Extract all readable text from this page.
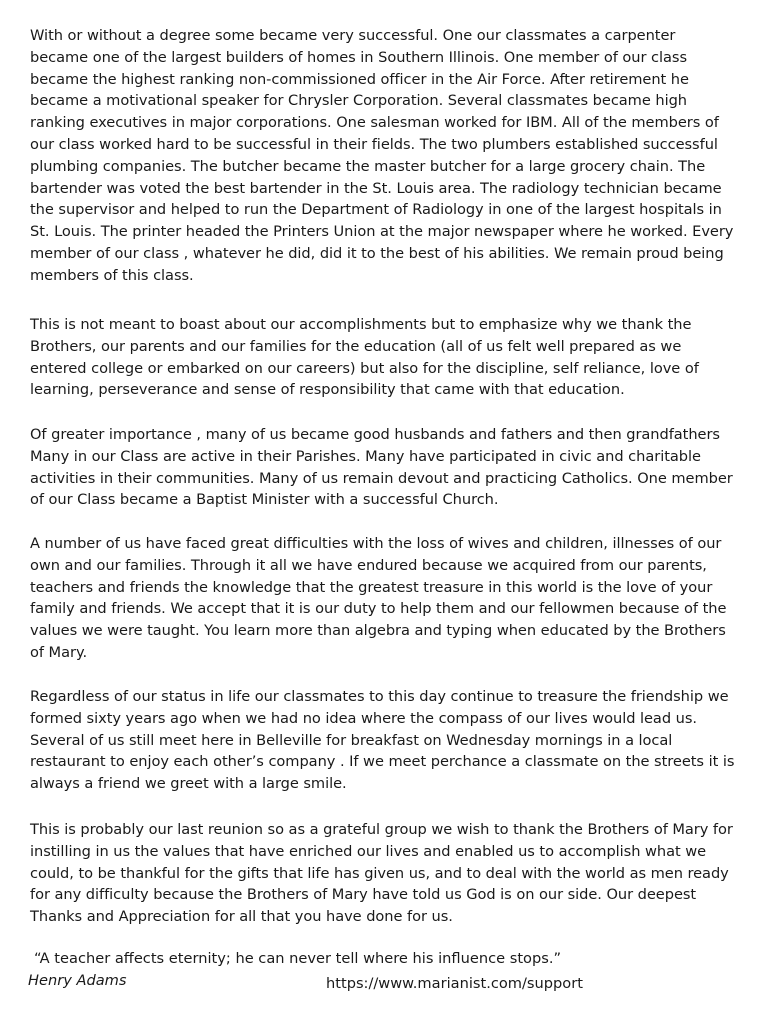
With or without a degree some became very successful. One our classmates a carpenter became one of the largest builders of homes in Southern Illinois. One member of our class became the highest ranking non-commissioned officer in the Air Force. After retirement he became a motivational speaker for Chrysler Corporation. Several classmates became high ranking executives in major corporations. One salesman worked for IBM. All of the members of our class worked hard to be successful in their fields. The two plumbers established successful plumbing companies. The butcher became the master butcher for a large grocery chain. The bartender was voted the best bartender in the St. Louis area. The radiology technician became the supervisor and helped to run the Department of Radiology in one of the largest hospitals in St. Louis. The printer headed the Printers Union at the major newspaper where he worked. Every member of our class , whatever he did, did it to the best of his abilities. We remain proud being members of this class.

This is not meant to boast about our accomplishments but to emphasize why we thank the Brothers, our parents and our families for the education (all of us felt well prepared as we entered college or embarked on our careers) but also for the discipline, self reliance, love of learning, perseverance and sense of responsibility that came with that education.

Of greater importance , many of us became good husbands and fathers and then grandfathers Many in our Class are active in their Parishes. Many have participated in civic and charitable activities in their communities. Many of us remain devout and practicing Catholics. One member of our Class became a Baptist Minister with a successful Church.

A number of us have faced great difficulties with the loss of wives and children, illnesses of our own and our families. Through it all we have endured because we acquired from our parents, teachers and friends the knowledge that the greatest treasure in this world is the love of your family and friends. We accept that it is our duty to help them and our fellowmen because of the values we were taught. You learn more than algebra and typing when educated by the Brothers of Mary.

Regardless of our status in life our classmates to this day continue to treasure the friendship we formed sixty years ago when we had no idea where the compass of our lives would lead us. Several of us still meet here in Belleville for breakfast on Wednesday mornings in a local restaurant to enjoy each other’s company . If we meet perchance a classmate on the streets it is always a friend we greet with a large smile.

This is probably our last reunion so as a grateful group we wish to thank the Brothers of Mary for instilling in us the values that have enriched our lives and enabled us to accomplish what we could, to be thankful for the gifts that life has given us, and to deal with the world as men ready for any difficulty because the Brothers of Mary have told us God is on our side. Our deepest Thanks and Appreciation for all that you have done for us.

“A teacher affects eternity; he can never tell where his influence stops.”

Henry Adams	https://www.marianist.com/support
